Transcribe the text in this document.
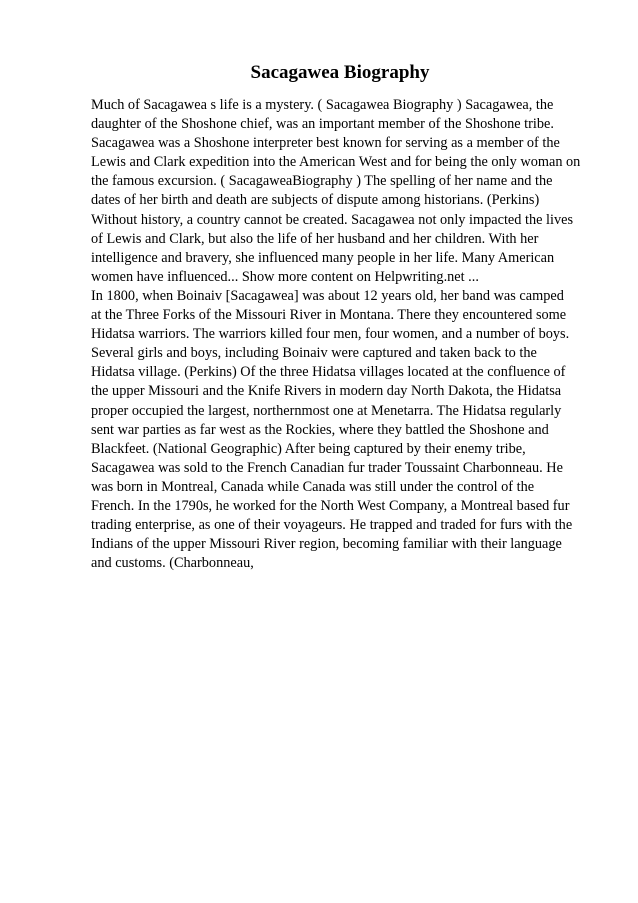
Sacagawea Biography
Much of Sacagawea s life is a mystery. ( Sacagawea Biography ) Sacagawea, the
daughter of the Shoshone chief, was an important member of the Shoshone tribe.
Sacagawea was a Shoshone interpreter best known for serving as a member of the
Lewis and Clark expedition into the American West and for being the only woman on
the famous excursion. ( SacagaweaBiography ) The spelling of her name and the
dates of her birth and death are subjects of dispute among historians. (Perkins)
Without history, a country cannot be created. Sacagawea not only impacted the lives
of Lewis and Clark, but also the life of her husband and her children. With her
intelligence and bravery, she influenced many people in her life. Many American
women have influenced... Show more content on Helpwriting.net ...
In 1800, when Boinaiv [Sacagawea] was about 12 years old, her band was camped
at the Three Forks of the Missouri River in Montana. There they encountered some
Hidatsa warriors. The warriors killed four men, four women, and a number of boys.
Several girls and boys, including Boinaiv were captured and taken back to the
Hidatsa village. (Perkins) Of the three Hidatsa villages located at the confluence of
the upper Missouri and the Knife Rivers in modern day North Dakota, the Hidatsa
proper occupied the largest, northernmost one at Menetarra. The Hidatsa regularly
sent war parties as far west as the Rockies, where they battled the Shoshone and
Blackfeet. (National Geographic) After being captured by their enemy tribe,
Sacagawea was sold to the French Canadian fur trader Toussaint Charbonneau. He
was born in Montreal, Canada while Canada was still under the control of the
French. In the 1790s, he worked for the North West Company, a Montreal based fur
trading enterprise, as one of their voyageurs. He trapped and traded for furs with the
Indians of the upper Missouri River region, becoming familiar with their language
and customs. (Charbonneau,
